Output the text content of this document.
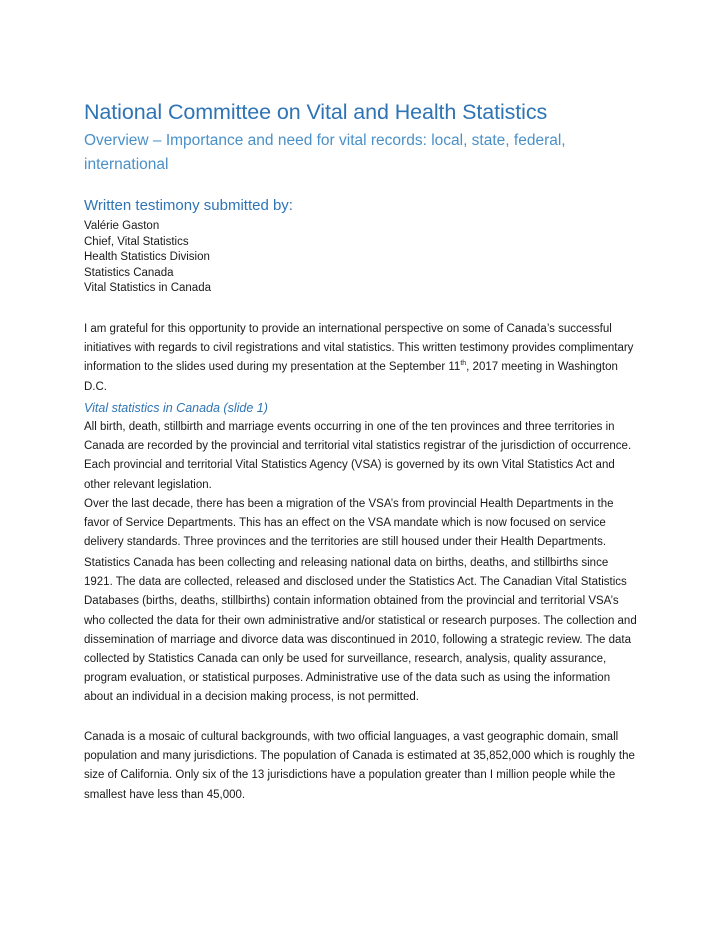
National Committee on Vital and Health Statistics
Overview – Importance and need for vital records: local, state, federal, international
Written testimony submitted by:
Valérie Gaston
Chief, Vital Statistics
Health Statistics Division
Statistics Canada
Vital Statistics in Canada

I am grateful for this opportunity to provide an international perspective on some of Canada’s successful initiatives with regards to civil registrations and vital statistics. This written testimony provides complimentary information to the slides used during my presentation at the September 11th, 2017 meeting in Washington D.C.

Vital statistics in Canada (slide 1)

All birth, death, stillbirth and marriage events occurring in one of the ten provinces and three territories in Canada are recorded by the provincial and territorial vital statistics registrar of the jurisdiction of occurrence. Each provincial and territorial Vital Statistics Agency (VSA) is governed by its own Vital Statistics Act and other relevant legislation.

Over the last decade, there has been a migration of the VSA’s from provincial Health Departments in the favor of Service Departments. This has an effect on the VSA mandate which is now focused on service delivery standards. Three provinces and the territories are still housed under their Health Departments.

Statistics Canada has been collecting and releasing national data on births, deaths, and stillbirths since 1921. The data are collected, released and disclosed under the Statistics Act. The Canadian Vital Statistics Databases (births, deaths, stillbirths) contain information obtained from the provincial and territorial VSA’s who collected the data for their own administrative and/or statistical or research purposes. The collection and dissemination of marriage and divorce data was discontinued in 2010, following a strategic review. The data collected by Statistics Canada can only be used for surveillance, research, analysis, quality assurance, program evaluation, or statistical purposes. Administrative use of the data such as using the information about an individual in a decision making process, is not permitted.

Canada is a mosaic of cultural backgrounds, with two official languages, a vast geographic domain, small population and many jurisdictions. The population of Canada is estimated at 35,852,000 which is roughly the size of California. Only six of the 13 jurisdictions have a population greater than I million people while the smallest have less than 45,000.
